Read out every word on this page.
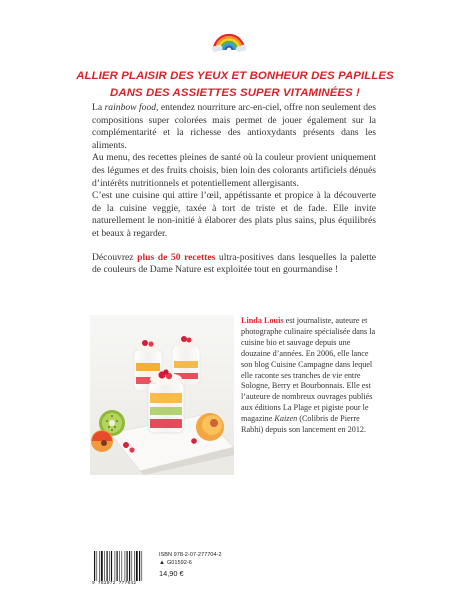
ALLIER PLAISIR DES YEUX ET BONHEUR DES PAPILLES
DANS DES ASSIETTES SUPER VITAMINÉES !

La rainbow food, entendez nourriture arc-en-ciel, offre non seulement des compositions super colorées mais permet de jouer également sur la complémentarité et la richesse des antioxydants présents dans les aliments.

Au menu, des recettes pleines de santé où la couleur provient uniquement des légumes et des fruits choisis, bien loin des colorants artificiels dénués d’intérêts nutritionnels et potentiellement allergisants.

C’est une cuisine qui attire l’œil, appétissante et propice à la découverte de la cuisine veggie, taxée à tort de triste et de fade. Elle invite naturellement le non-initié à élaborer des plats plus sains, plus équilibrés et beaux à regarder.

Découvrez plus de 50 recettes ultra-positives dans lesquelles la palette de couleurs de Dame Nature est exploitée tout en gourmandise !

Linda Louis est journaliste, auteure et photographe culinaire spécialisée dans la cuisine bio et sauvage depuis une douzaine d’années. En 2006, elle lance son blog Cuisine Campagne dans lequel elle raconte ses tranches de vie entre Sologne, Berry et Bourbonnais. Elle est l’auteure de nombreux ouvrages publiés aux éditions La Plage et pigiste pour le magazine Kaizen (Colibris de Pierre Rabhi) depuis son lancement en 2012.

9 782072 777042
ISBN 978-2-07-277704-2
▲ G01592-6
14,90 €
